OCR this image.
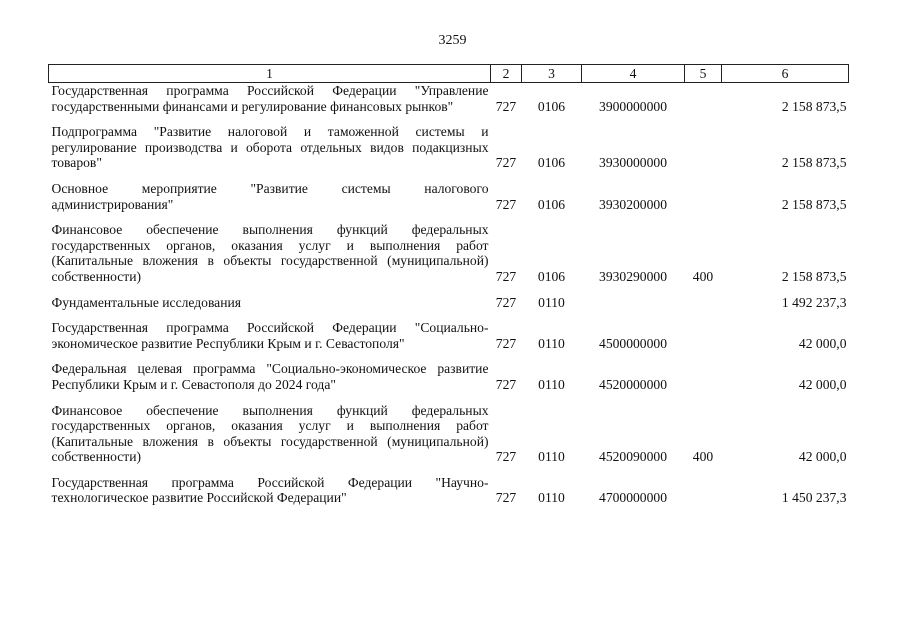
3259
1	2	3	4	5	6
Государственная программа Российской Федерации "Управление государственными финансами и регулирование финансовых рынков"	727	0106	3900000000		2 158 873,5
Подпрограмма "Развитие налоговой и таможенной системы и регулирование производства и оборота отдельных видов подакцизных товаров"	727	0106	3930000000		2 158 873,5
Основное мероприятие "Развитие системы налогового администрирования"	727	0106	3930200000		2 158 873,5
Финансовое обеспечение выполнения функций федеральных государственных органов, оказания услуг и выполнения работ (Капитальные вложения в объекты государственной (муниципальной) собственности)	727	0106	3930290000	400	2 158 873,5
Фундаментальные исследования	727	0110			1 492 237,3
Государственная программа Российской Федерации "Социально-экономическое развитие Республики Крым и г. Севастополя"	727	0110	4500000000		42 000,0
Федеральная целевая программа "Социально-экономическое развитие Республики Крым и г. Севастополя до 2024 года"	727	0110	4520000000		42 000,0
Финансовое обеспечение выполнения функций федеральных государственных органов, оказания услуг и выполнения работ (Капитальные вложения в объекты государственной (муниципальной) собственности)	727	0110	4520090000	400	42 000,0
Государственная программа Российской Федерации "Научно-технологическое развитие Российской Федерации"	727	0110	4700000000		1 450 237,3
